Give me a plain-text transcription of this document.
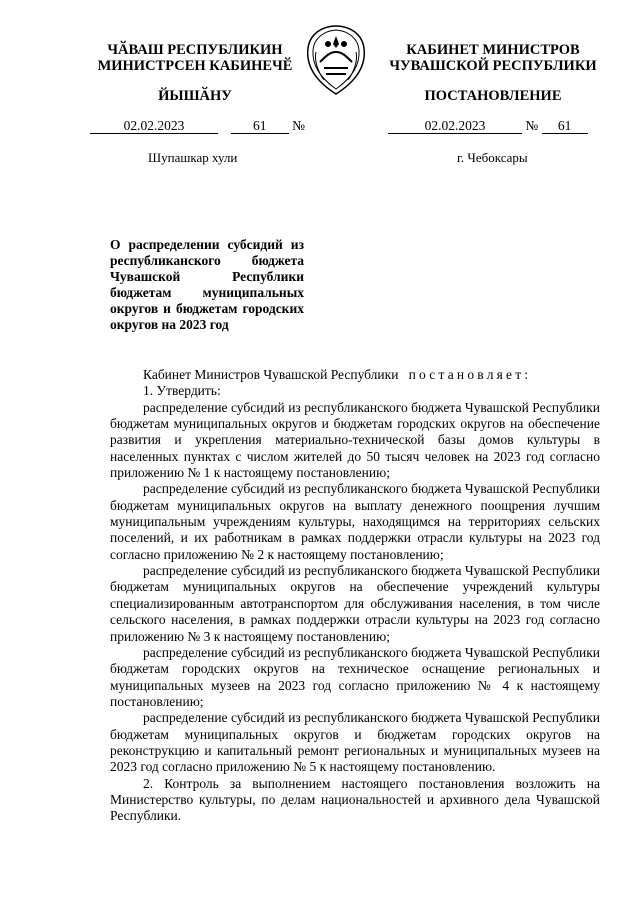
ЧӐВАШ РЕСПУБЛИКИН
МИНИСТРСЕН КАБИНЕЧӖ
КАБИНЕТ МИНИСТРОВ
ЧУВАШСКОЙ РЕСПУБЛИКИ
ЙЫШӐНУ	ПОСТАНОВЛЕНИЕ
02.02.2023	61 №	02.02.2023	№ 61
Шупашкар хули	г. Чебоксары
О распределении субсидий из республиканского бюджета Чувашской Республики бюджетам муниципальных округов и бюджетам городских округов на 2023 год

Кабинет Министров Чувашской Республики постановляет:

1. Утвердить:

распределение субсидий из республиканского бюджета Чувашской Республики бюджетам муниципальных округов и бюджетам городских округов на обеспечение развития и укрепления материально-технической базы домов культуры в населенных пунктах с числом жителей до 50 тысяч человек на 2023 год согласно приложению № 1 к настоящему постановлению;

распределение субсидий из республиканского бюджета Чувашской Республики бюджетам муниципальных округов на выплату денежного поощрения лучшим муниципальным учреждениям культуры, находящимся на территориях сельских поселений, и их работникам в рамках поддержки отрасли культуры на 2023 год согласно приложению № 2 к настоящему постановлению;

распределение субсидий из республиканского бюджета Чувашской Республики бюджетам муниципальных округов на обеспечение учреждений культуры специализированным автотранспортом для обслуживания населения, в том числе сельского населения, в рамках поддержки отрасли культуры на 2023 год согласно приложению № 3 к настоящему постановлению;

распределение субсидий из республиканского бюджета Чувашской Республики бюджетам городских округов на техническое оснащение региональных и муниципальных музеев на 2023 год согласно приложению № 4 к настоящему постановлению;

распределение субсидий из республиканского бюджета Чувашской Республики бюджетам муниципальных округов и бюджетам городских округов на реконструкцию и капитальный ремонт региональных и муниципальных музеев на 2023 год согласно приложению № 5 к настоящему постановлению.

2. Контроль за выполнением настоящего постановления возложить на Министерство культуры, по делам национальностей и архивного дела Чувашской Республики.
